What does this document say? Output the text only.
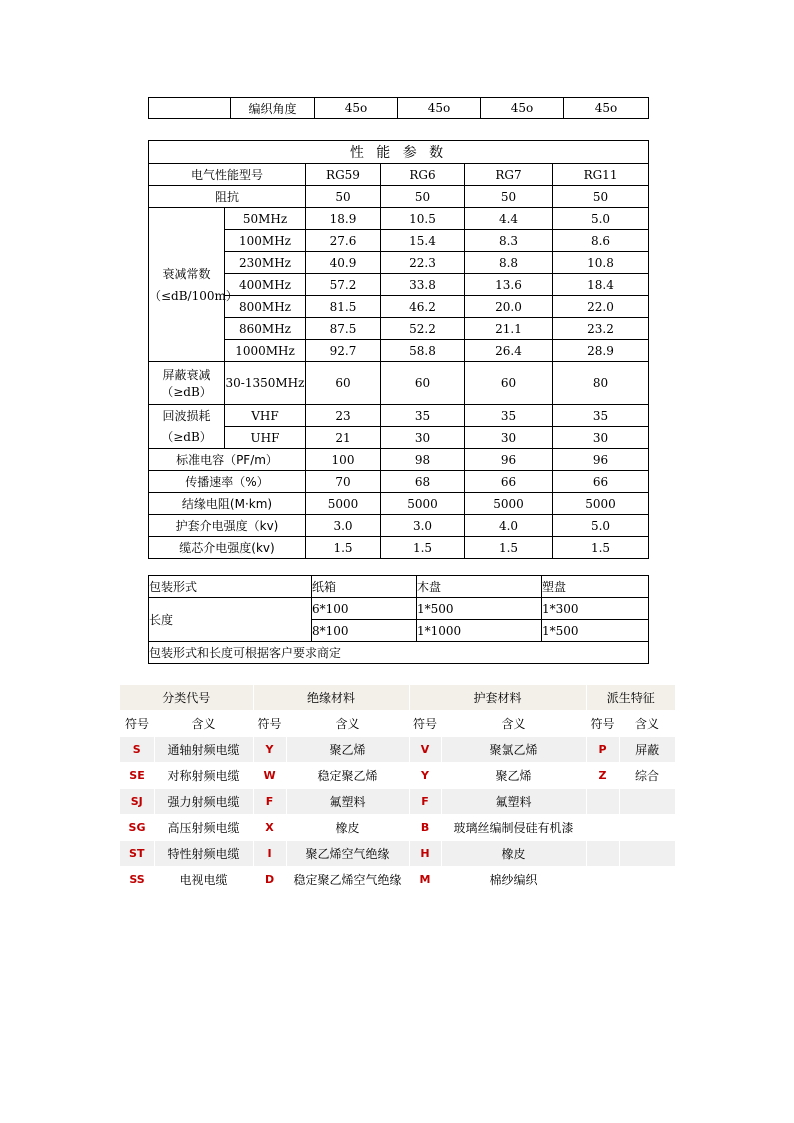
	编织角度	45o	45o	45o	45o
性 能 参 数					
电气性能型号		RG59	RG6	RG7	RG11
阻抗		50	50	50	50

衰减常数
（≤dB/100m）	50MHz	18.9	10.5	4.4	5.0
	100MHz	27.6	15.4	8.3	8.6
	230MHz	40.9	22.3	8.8	10.8
	400MHz	57.2	33.8	13.6	18.4
	800MHz	81.5	46.2	20.0	22.0
	860MHz	87.5	52.2	21.1	23.2
	1000MHz	92.7	58.8	26.4	28.9

屏蔽衰减
（≥dB）	30-1350MHz	60	60	60	80

回波损耗
（≥dB）	VHF	23	35	35	35
	UHF	21	30	30	30
标准电容（PF/m）		100	98	96	96
传播速率（%）		70	68	66	66
结缘电阻(M·km)		5000	5000	5000	5000
护套介电强度（kv)		3.0	3.0	4.0	5.0
缆芯介电强度(kv)		1.5	1.5	1.5	1.5
包装形式	纸箱	木盘	塑盘
长度	6*100	1*500	1*300
	8*100	1*1000	1*500
包装形式和长度可根据客户要求商定			
分类代号		绝缘材料		护套材料		派生特征	
符号	含义	符号	含义	符号	含义	符号	含义
S	通轴射频电缆	Y	聚乙烯	V	聚氯乙烯	P	屏蔽
SE	对称射频电缆	W	稳定聚乙烯	Y	聚乙烯	Z	综合
SJ	强力射频电缆	F	氟塑料	F	氟塑料		
SG	高压射频电缆	X	橡皮	B	玻璃丝编制侵硅有机漆		
ST	特性射频电缆	I	聚乙烯空气绝缘	H	橡皮		
SS	电视电缆	D	稳定聚乙烯空气绝缘	M	棉纱编织		
